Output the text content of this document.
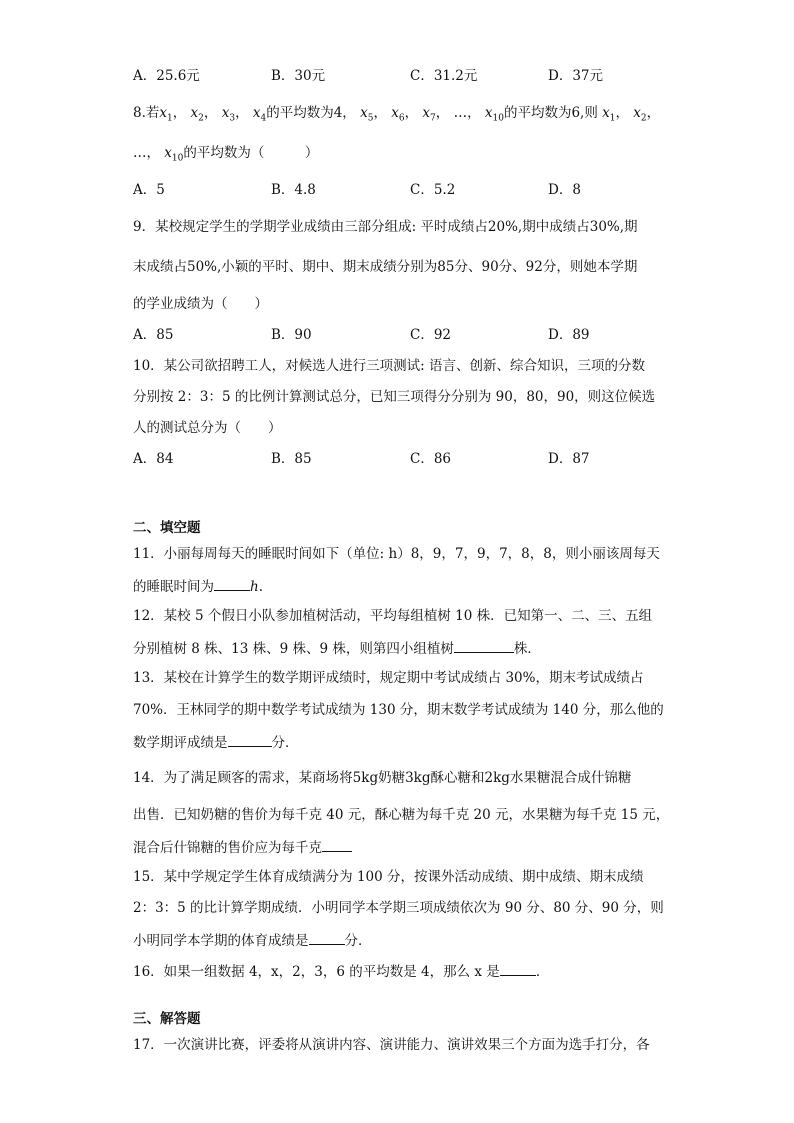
A．25.6元	B．30元	C．31.2元	D．37元
8.若$x_1$， $x_2$， $x_3$， $x_4$的平均数为4， $x_5$， $x_6$， $x_7$， …， $x_{10}$的平均数为6,则 $x_1$， $x_2$，
…， $x_{10}$的平均数为（　　　）
A．5	B．4.8	C．5.2	D．8
9．某校规定学生的学期学业成绩由三部分组成: 平时成绩占20%,期中成绩占30%,期
末成绩占50%,小颖的平时、期中、期末成绩分别为85分、90分、92分，则她本学期
的学业成绩为（　　）
A．85	B．90	C．92	D．89
10．某公司欲招聘工人，对候选人进行三项测试: 语言、创新、综合知识，三项的分数
分别按 2：3：5 的比例计算测试总分，已知三项得分分别为 90，80，90，则这位候选
人的测试总分为（　　）
A．84	B．85	C．86	D．87
二、填空题
11．小丽每周每天的睡眠时间如下（单位: h）8，9，7，9，7，8，8，则小丽该周每天
的睡眠时间为	h.
12．某校 5 个假日小队参加植树活动，平均每组植树 10 株．已知第一、二、三、五组
分别植树 8 株、13 株、9 株、9 株，则第四小组植树	株．
13．某校在计算学生的数学期评成绩时，规定期中考试成绩占 30%，期末考试成绩占
70%．王林同学的期中数学考试成绩为 130 分，期末数学考试成绩为 140 分，那么他的
数学期评成绩是	分．
14．为了满足顾客的需求，某商场将5kg奶糖3kg酥心糖和2kg水果糖混合成什锦糖
出售．已知奶糖的售价为每千克 40 元，酥心糖为每千克 20 元，水果糖为每千克 15 元，
混合后什锦糖的售价应为每千克
15．某中学规定学生体育成绩满分为 100 分，按课外活动成绩、期中成绩、期末成绩
2：3：5 的比计算学期成绩．小明同学本学期三项成绩依次为 90 分、80 分、90 分，则
小明同学本学期的体育成绩是	分．
16．如果一组数据 4，x，2，3，6 的平均数是 4，那么 x 是	．
三、解答题
17．一次演讲比赛，评委将从演讲内容、演讲能力、演讲效果三个方面为选手打分，各
